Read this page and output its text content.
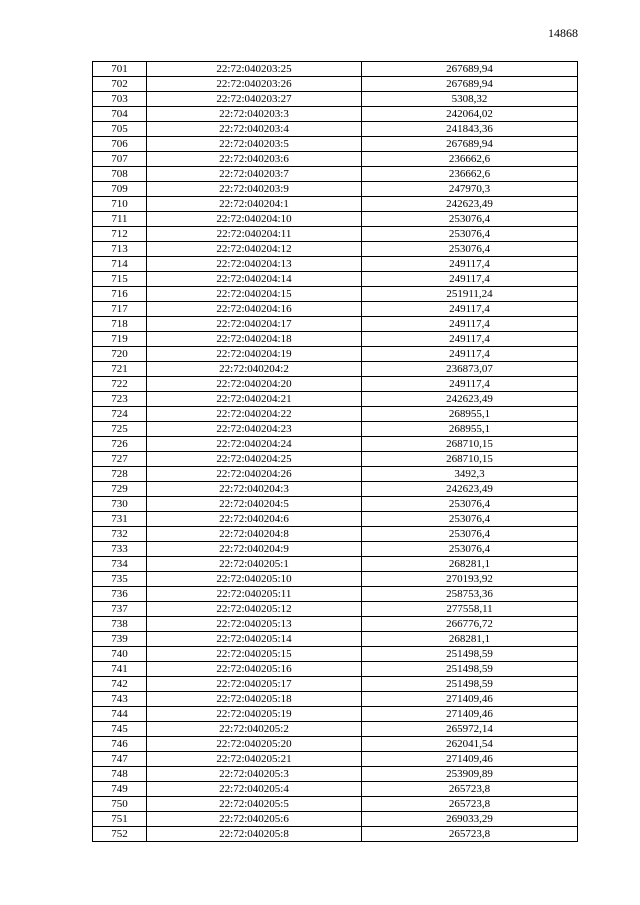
14868
701	22:72:040203:25	267689,94
702	22:72:040203:26	267689,94
703	22:72:040203:27	5308,32
704	22:72:040203:3	242064,02
705	22:72:040203:4	241843,36
706	22:72:040203:5	267689,94
707	22:72:040203:6	236662,6
708	22:72:040203:7	236662,6
709	22:72:040203:9	247970,3
710	22:72:040204:1	242623,49
711	22:72:040204:10	253076,4
712	22:72:040204:11	253076,4
713	22:72:040204:12	253076,4
714	22:72:040204:13	249117,4
715	22:72:040204:14	249117,4
716	22:72:040204:15	251911,24
717	22:72:040204:16	249117,4
718	22:72:040204:17	249117,4
719	22:72:040204:18	249117,4
720	22:72:040204:19	249117,4
721	22:72:040204:2	236873,07
722	22:72:040204:20	249117,4
723	22:72:040204:21	242623,49
724	22:72:040204:22	268955,1
725	22:72:040204:23	268955,1
726	22:72:040204:24	268710,15
727	22:72:040204:25	268710,15
728	22:72:040204:26	3492,3
729	22:72:040204:3	242623,49
730	22:72:040204:5	253076,4
731	22:72:040204:6	253076,4
732	22:72:040204:8	253076,4
733	22:72:040204:9	253076,4
734	22:72:040205:1	268281,1
735	22:72:040205:10	270193,92
736	22:72:040205:11	258753,36
737	22:72:040205:12	277558,11
738	22:72:040205:13	266776,72
739	22:72:040205:14	268281,1
740	22:72:040205:15	251498,59
741	22:72:040205:16	251498,59
742	22:72:040205:17	251498,59
743	22:72:040205:18	271409,46
744	22:72:040205:19	271409,46
745	22:72:040205:2	265972,14
746	22:72:040205:20	262041,54
747	22:72:040205:21	271409,46
748	22:72:040205:3	253909,89
749	22:72:040205:4	265723,8
750	22:72:040205:5	265723,8
751	22:72:040205:6	269033,29
752	22:72:040205:8	265723,8
